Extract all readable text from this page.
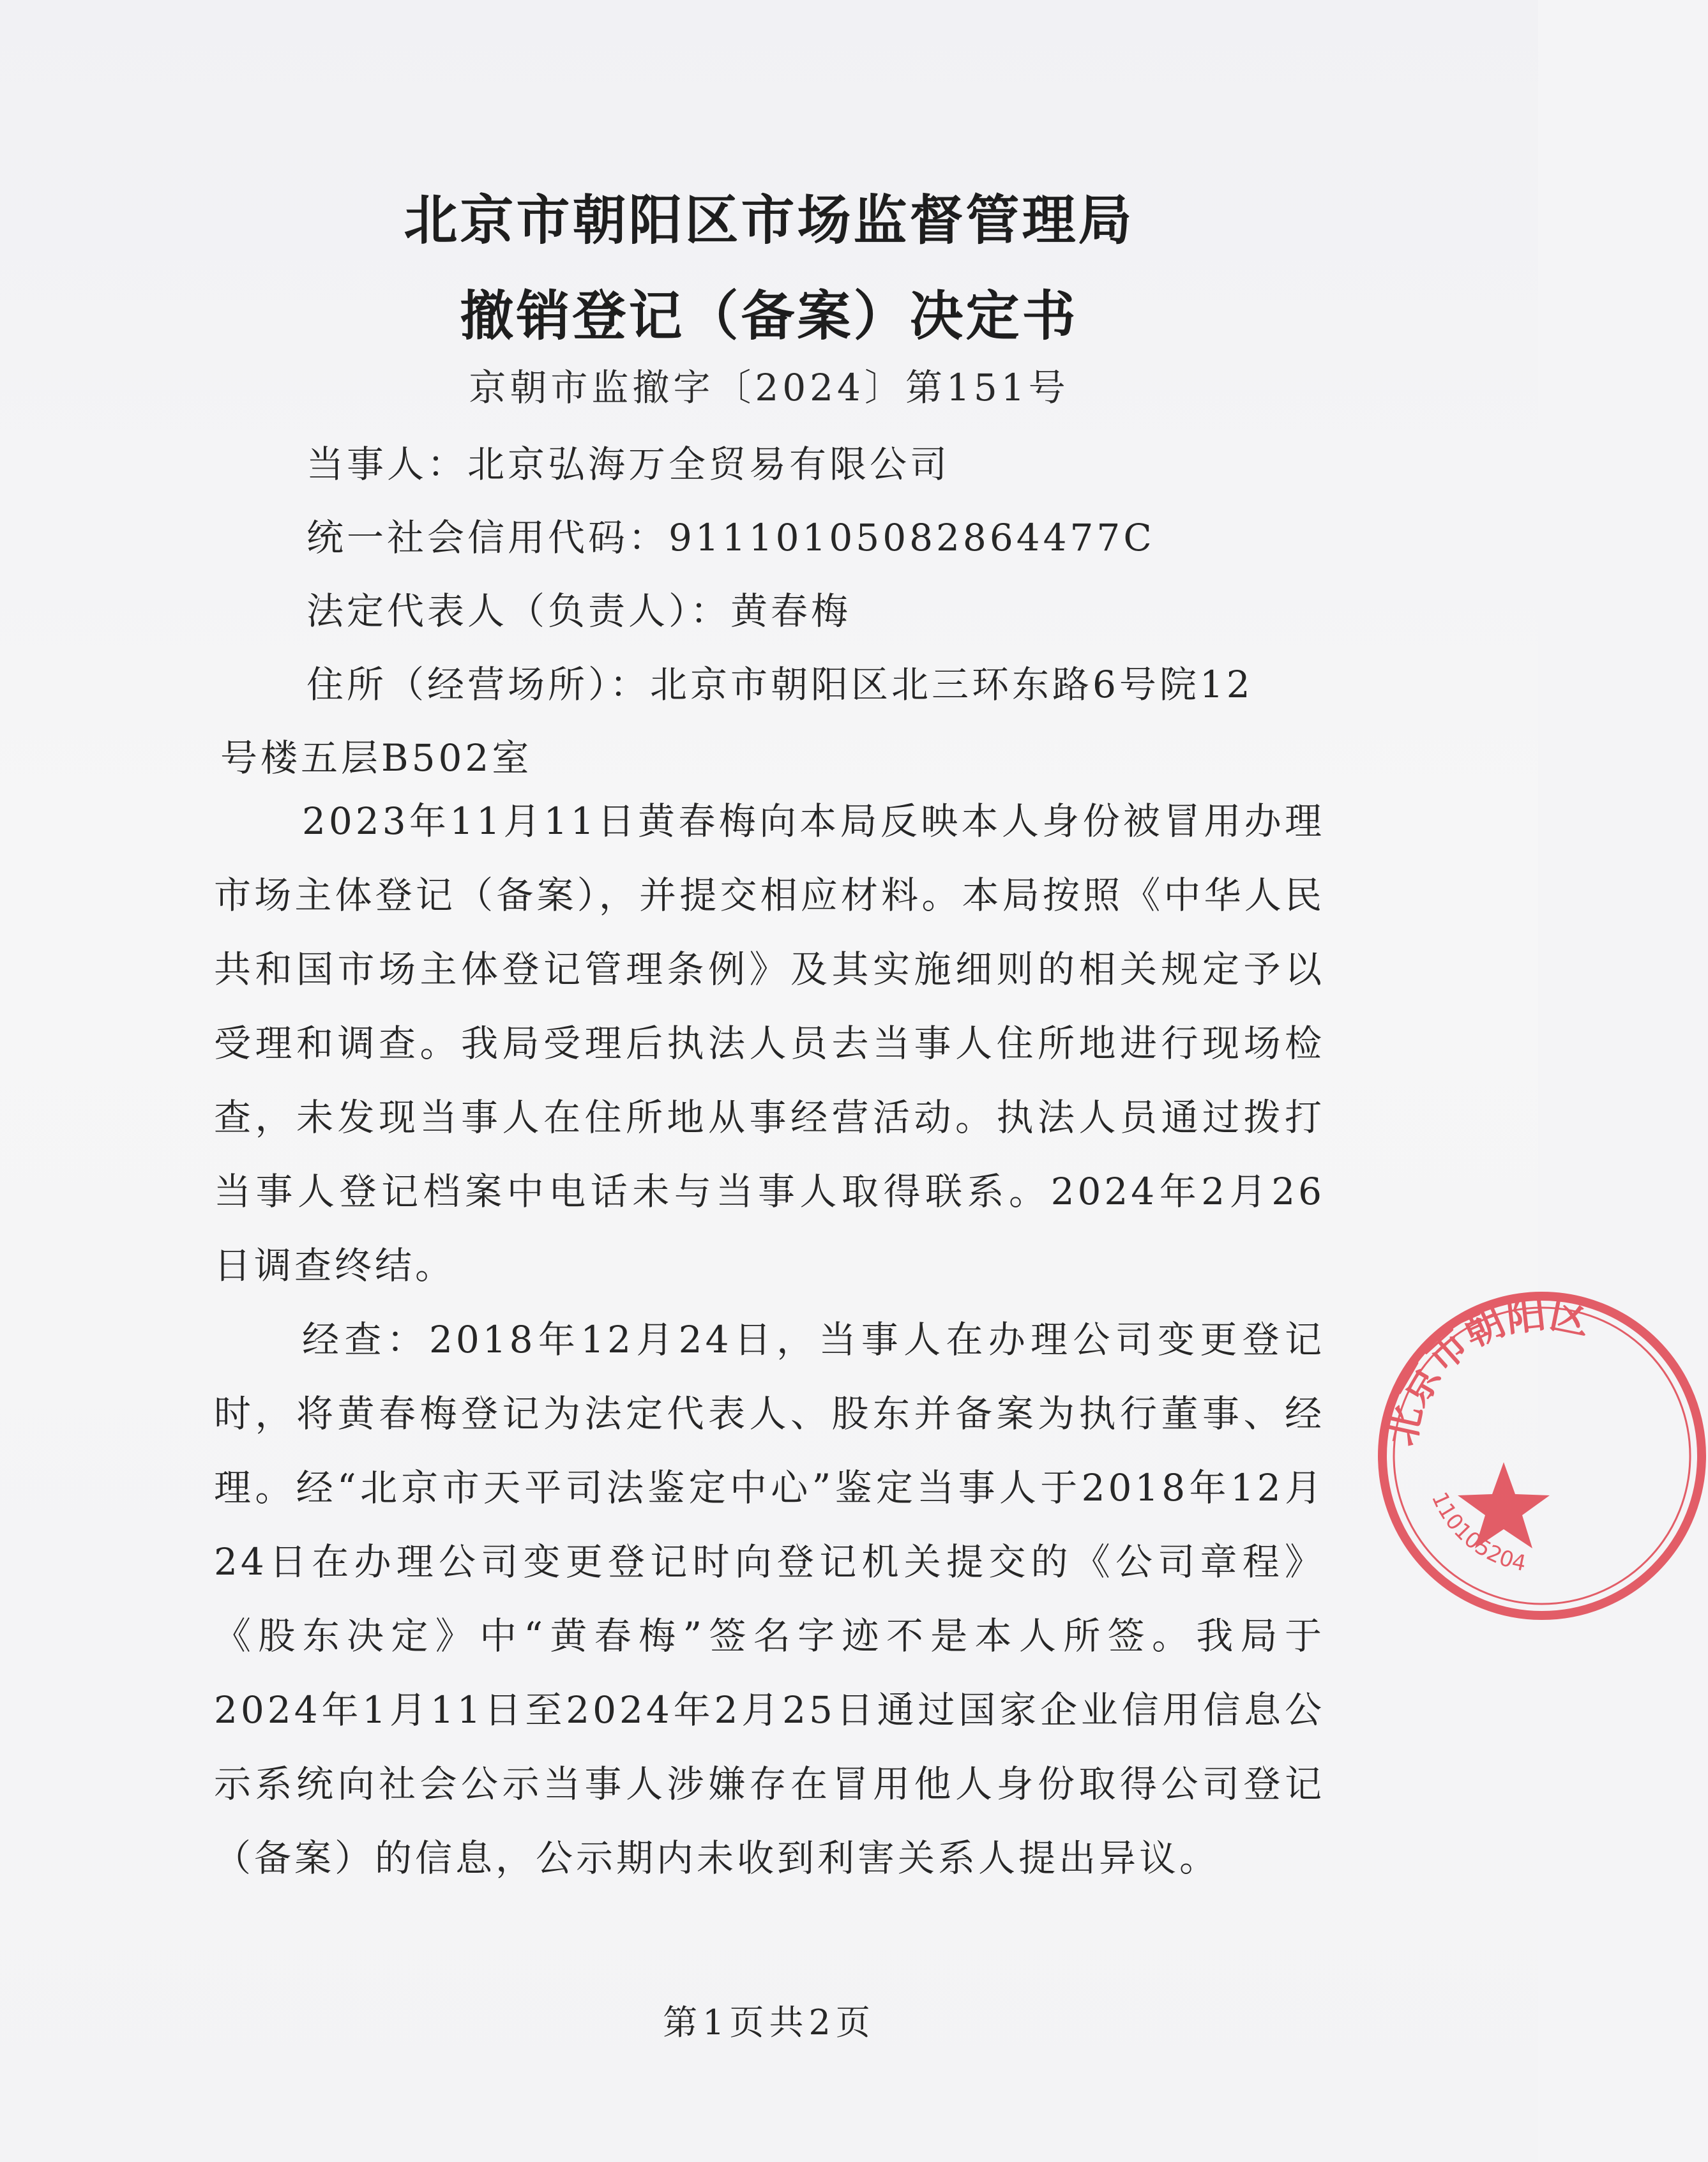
北京市朝阳区市场监督管理局
撤销登记（备案）决定书
京朝市监撤字〔2024〕第151号
当事人：北京弘海万全贸易有限公司
统一社会信用代码：91110105082864477C
法定代表人（负责人）：黄春梅
住所（经营场所）：北京市朝阳区北三环东路6号院12
号楼五层B502室
2023年11月11日黄春梅向本局反映本人身份被冒用办理市场主体登记（备案），并提交相应材料。本局按照《中华人民共和国市场主体登记管理条例》及其实施细则的相关规定予以受理和调查。我局受理后执法人员去当事人住所地进行现场检查，未发现当事人在住所地从事经营活动。执法人员通过拨打当事人登记档案中电话未与当事人取得联系。2024年2月26日调查终结。
经查：2018年12月24日，当事人在办理公司变更登记时，将黄春梅登记为法定代表人、股东并备案为执行董事、经理。经“北京市天平司法鉴定中心”鉴定当事人于2018年12月24日在办理公司变更登记时向登记机关提交的《公司章程》《股东决定》中“黄春梅”签名字迹不是本人所签。我局于2024年1月11日至2024年2月25日通过国家企业信用信息公示系统向社会公示当事人涉嫌存在冒用他人身份取得公司登记（备案）的信息，公示期内未收到利害关系人提出异议。
第1页共2页
北京市朝阳区
110105204
